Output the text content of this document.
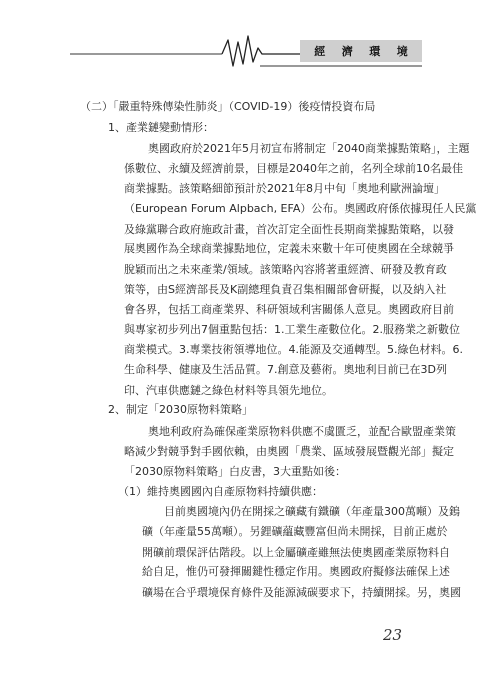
經 濟 環 境
（二）「嚴重特殊傳染性肺炎」（COVID-19）後疫情投資布局
1、產業鏈變動情形：
奧國政府於2021年5月初宣布將制定「2040商業據點策略」，主題
係數位、永續及經濟前景，目標是2040年之前，名列全球前10名最佳
商業據點。該策略細節預計於2021年8月中旬「奧地利歐洲論壇」
（European Forum Alpbach, EFA）公布。奧國政府係依據現任人民黨
及綠黨聯合政府施政計畫，首次訂定全面性長期商業據點策略，以發
展奧國作為全球商業據點地位，定義未來數十年可使奧國在全球競爭
脫穎而出之未來產業/領域。該策略內容將著重經濟、研發及教育政
策等，由S經濟部長及K副總理負責召集相關部會研擬，以及納入社
會各界，包括工商產業界、科研領域利害關係人意見。奧國政府目前
與專家初步列出7個重點包括：1.工業生產數位化。2.服務業之新數位
商業模式。3.專業技術領導地位。4.能源及交通轉型。5.綠色材料。6.
生命科學、健康及生活品質。7.創意及藝術。奧地利目前已在3D列
印、汽車供應鏈之綠色材料等具領先地位。
2、制定「2030原物料策略」
奧地利政府為確保產業原物料供應不虞匱乏，並配合歐盟產業策
略減少對競爭對手國依賴，由奧國「農業、區域發展暨觀光部」擬定
「2030原物料策略」白皮書，3大重點如後：
（1）維持奧國國內自產原物料持續供應：
目前奧國境內仍在開採之礦藏有鐵礦（年產量300萬噸）及鎢
礦（年產量55萬噸）。另鋰礦蘊藏豐富但尚未開採，目前正處於
開礦前環保評估階段。以上金屬礦產雖無法使奧國產業原物料自
給自足，惟仍可發揮關鍵性穩定作用。奧國政府擬修法確保上述
礦場在合乎環境保育條件及能源減碳要求下，持續開採。另，奧國
23
